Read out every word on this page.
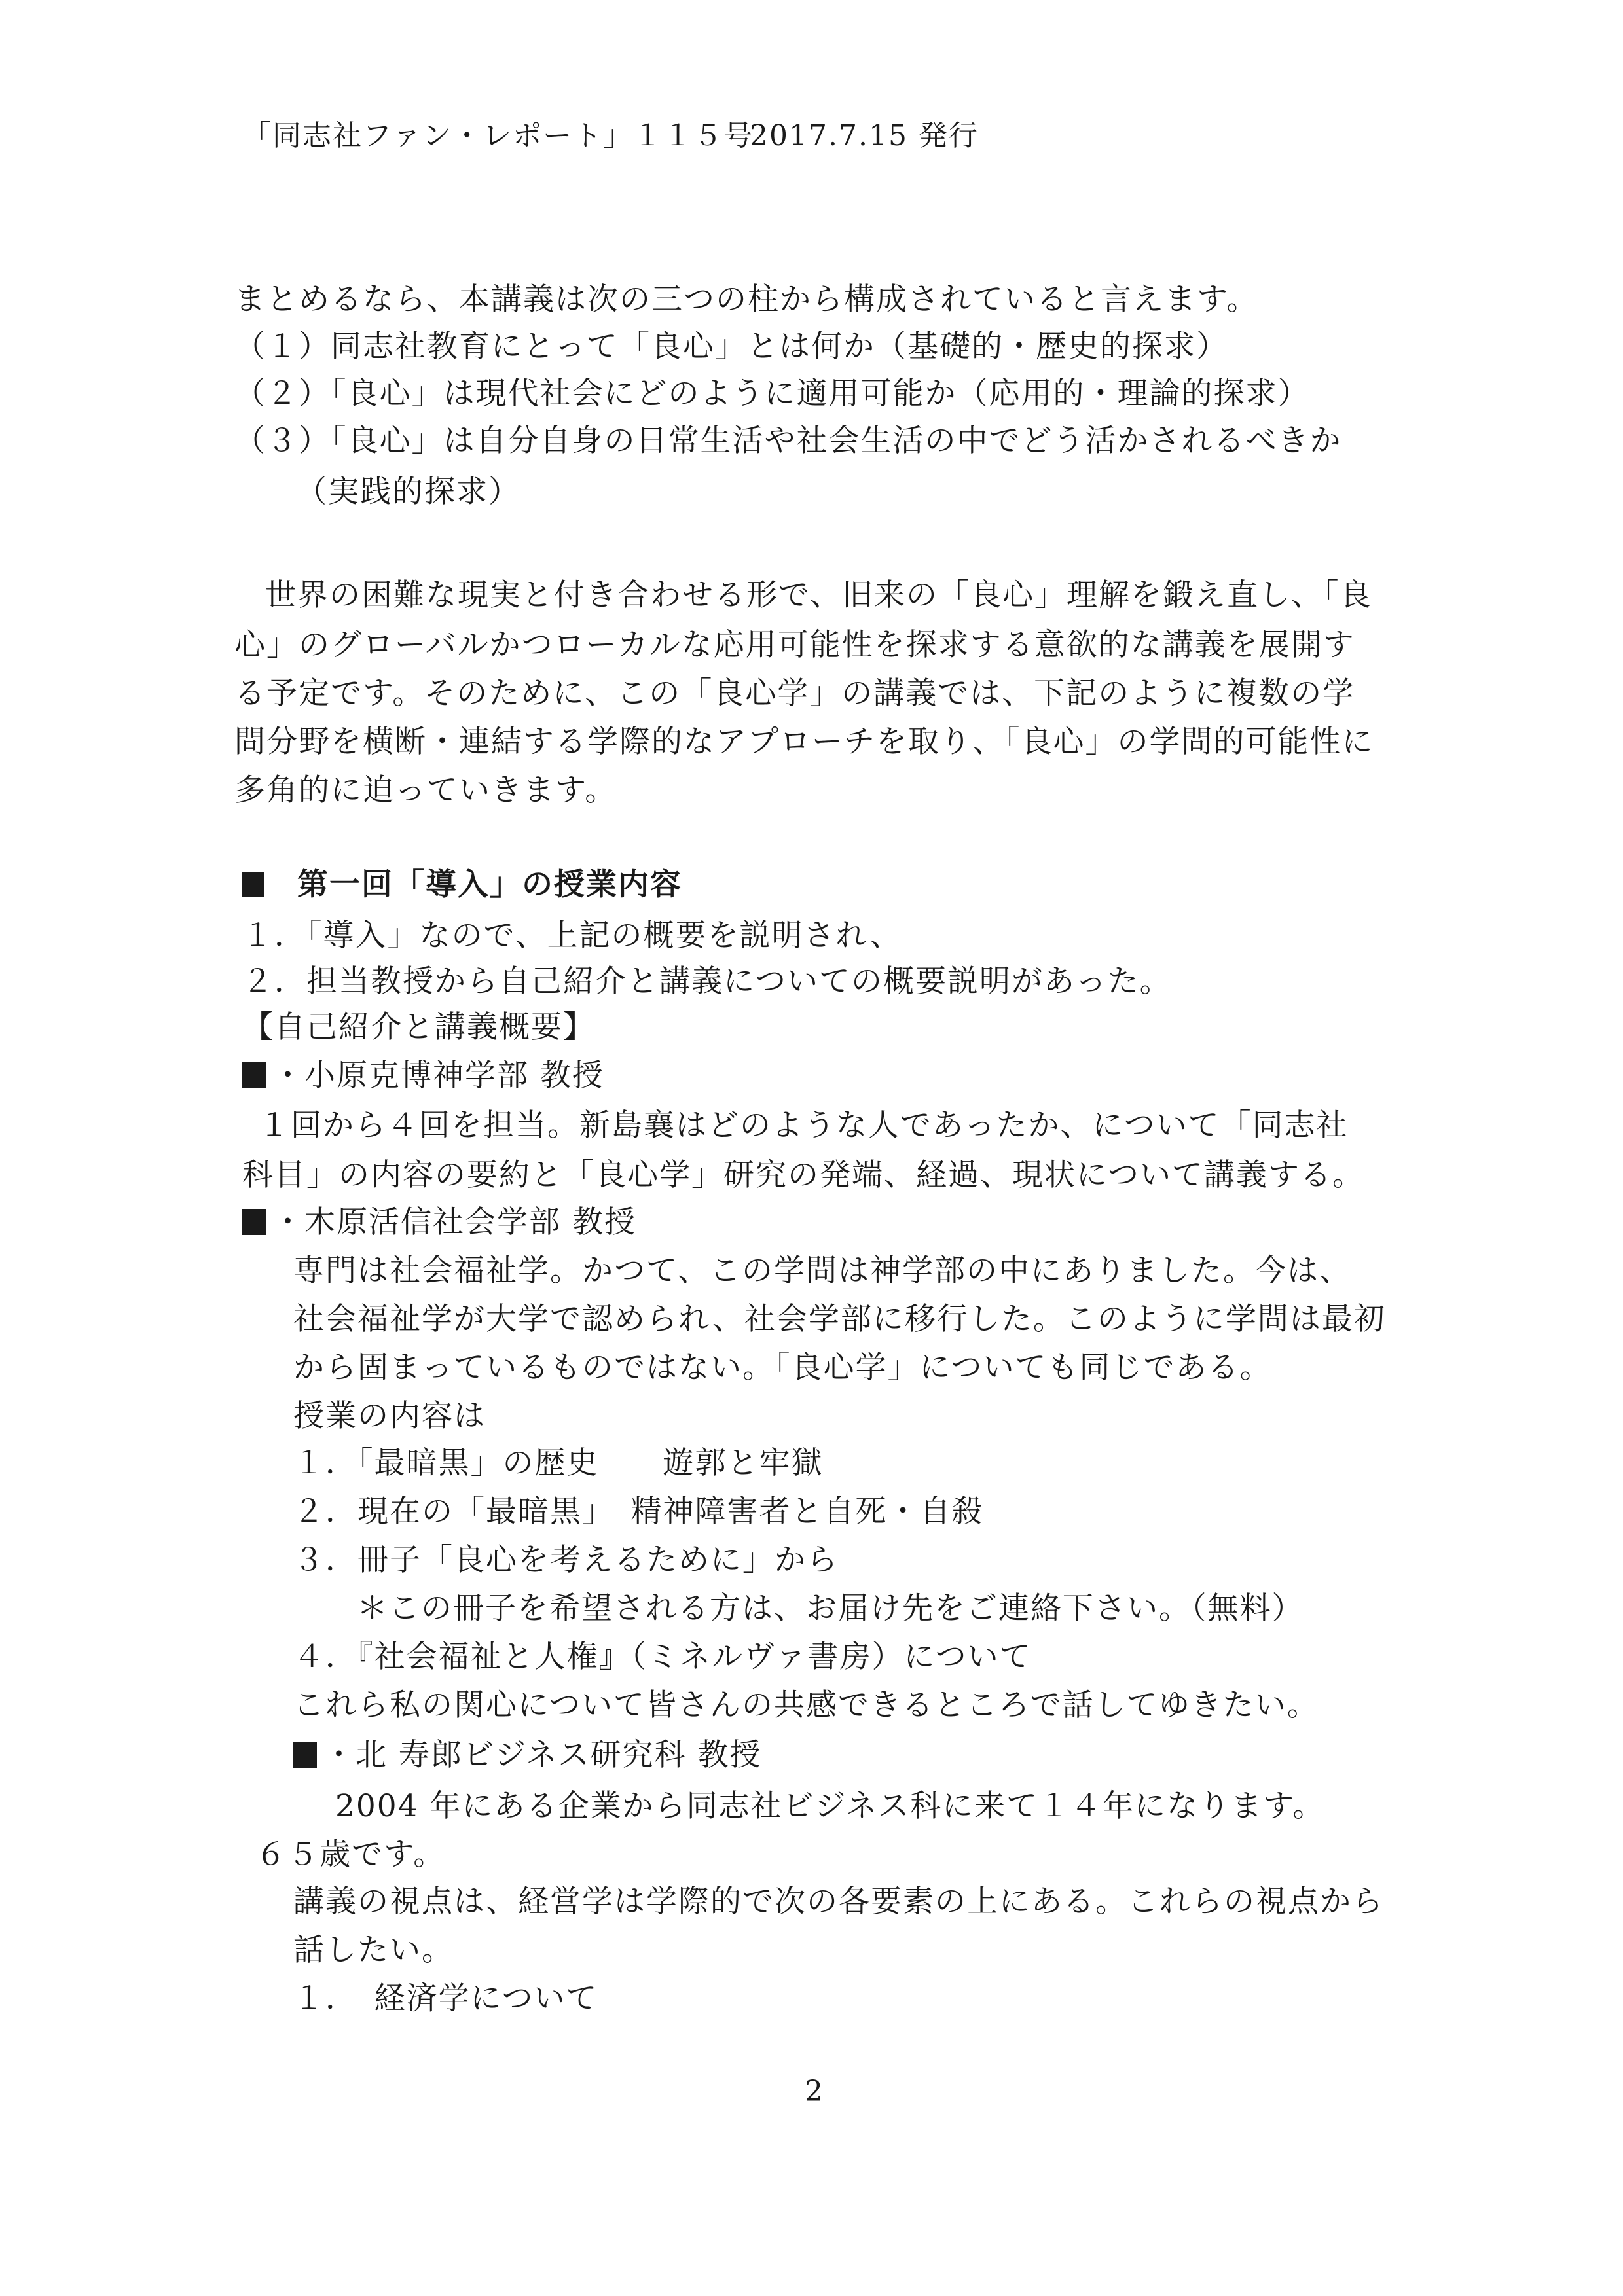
「同志社ファン・レポート」１１５号
2017.7.15 発行
まとめるなら、本講義は次の三つの柱から構成されていると言えます。
（１）同志社教育にとって「良心」とは何か（基礎的・歴史的探求）
（２）「良心」は現代社会にどのように適用可能か（応用的・理論的探求）
（３）「良心」は自分自身の日常生活や社会生活の中でどう活かされるべきか
（実践的探求）
世界の困難な現実と付き合わせる形で、旧来の「良心」理解を鍛え直し、「良
心」のグローバルかつローカルな応用可能性を探求する意欲的な講義を展開す
る予定です。そのために、この「良心学」の講義では、下記のように複数の学
問分野を横断・連結する学際的なアプローチを取り、「良心」の学問的可能性に
多角的に迫っていきます。
第一回「導入」の授業内容
１．「導入」なので、上記の概要を説明され、
２．担当教授から自己紹介と講義についての概要説明があった。
【自己紹介と講義概要】
・小原克博神学部 教授
１回から４回を担当。新島襄はどのような人であったか、について「同志社
科目」の内容の要約と「良心学」研究の発端、経過、現状について講義する。
・木原活信社会学部 教授
専門は社会福祉学。かつて、この学問は神学部の中にありました。今は、
社会福祉学が大学で認められ、社会学部に移行した。このように学問は最初
から固まっているものではない。「良心学」についても同じである。
授業の内容は
１．「最暗黒」の歴史　　遊郭と牢獄
２．現在の「最暗黒」　精神障害者と自死・自殺
３．冊子「良心を考えるために」から
＊この冊子を希望される方は、お届け先をご連絡下さい。（無料）
４．『社会福祉と人権』（ミネルヴァ書房）について
これら私の関心について皆さんの共感できるところで話してゆきたい。
・北 寿郎ビジネス研究科 教授
2004 年にある企業から同志社ビジネス科に来て１４年になります。
６５歳です。
講義の視点は、経営学は学際的で次の各要素の上にある。これらの視点から
話したい。
１．　経済学について
2
